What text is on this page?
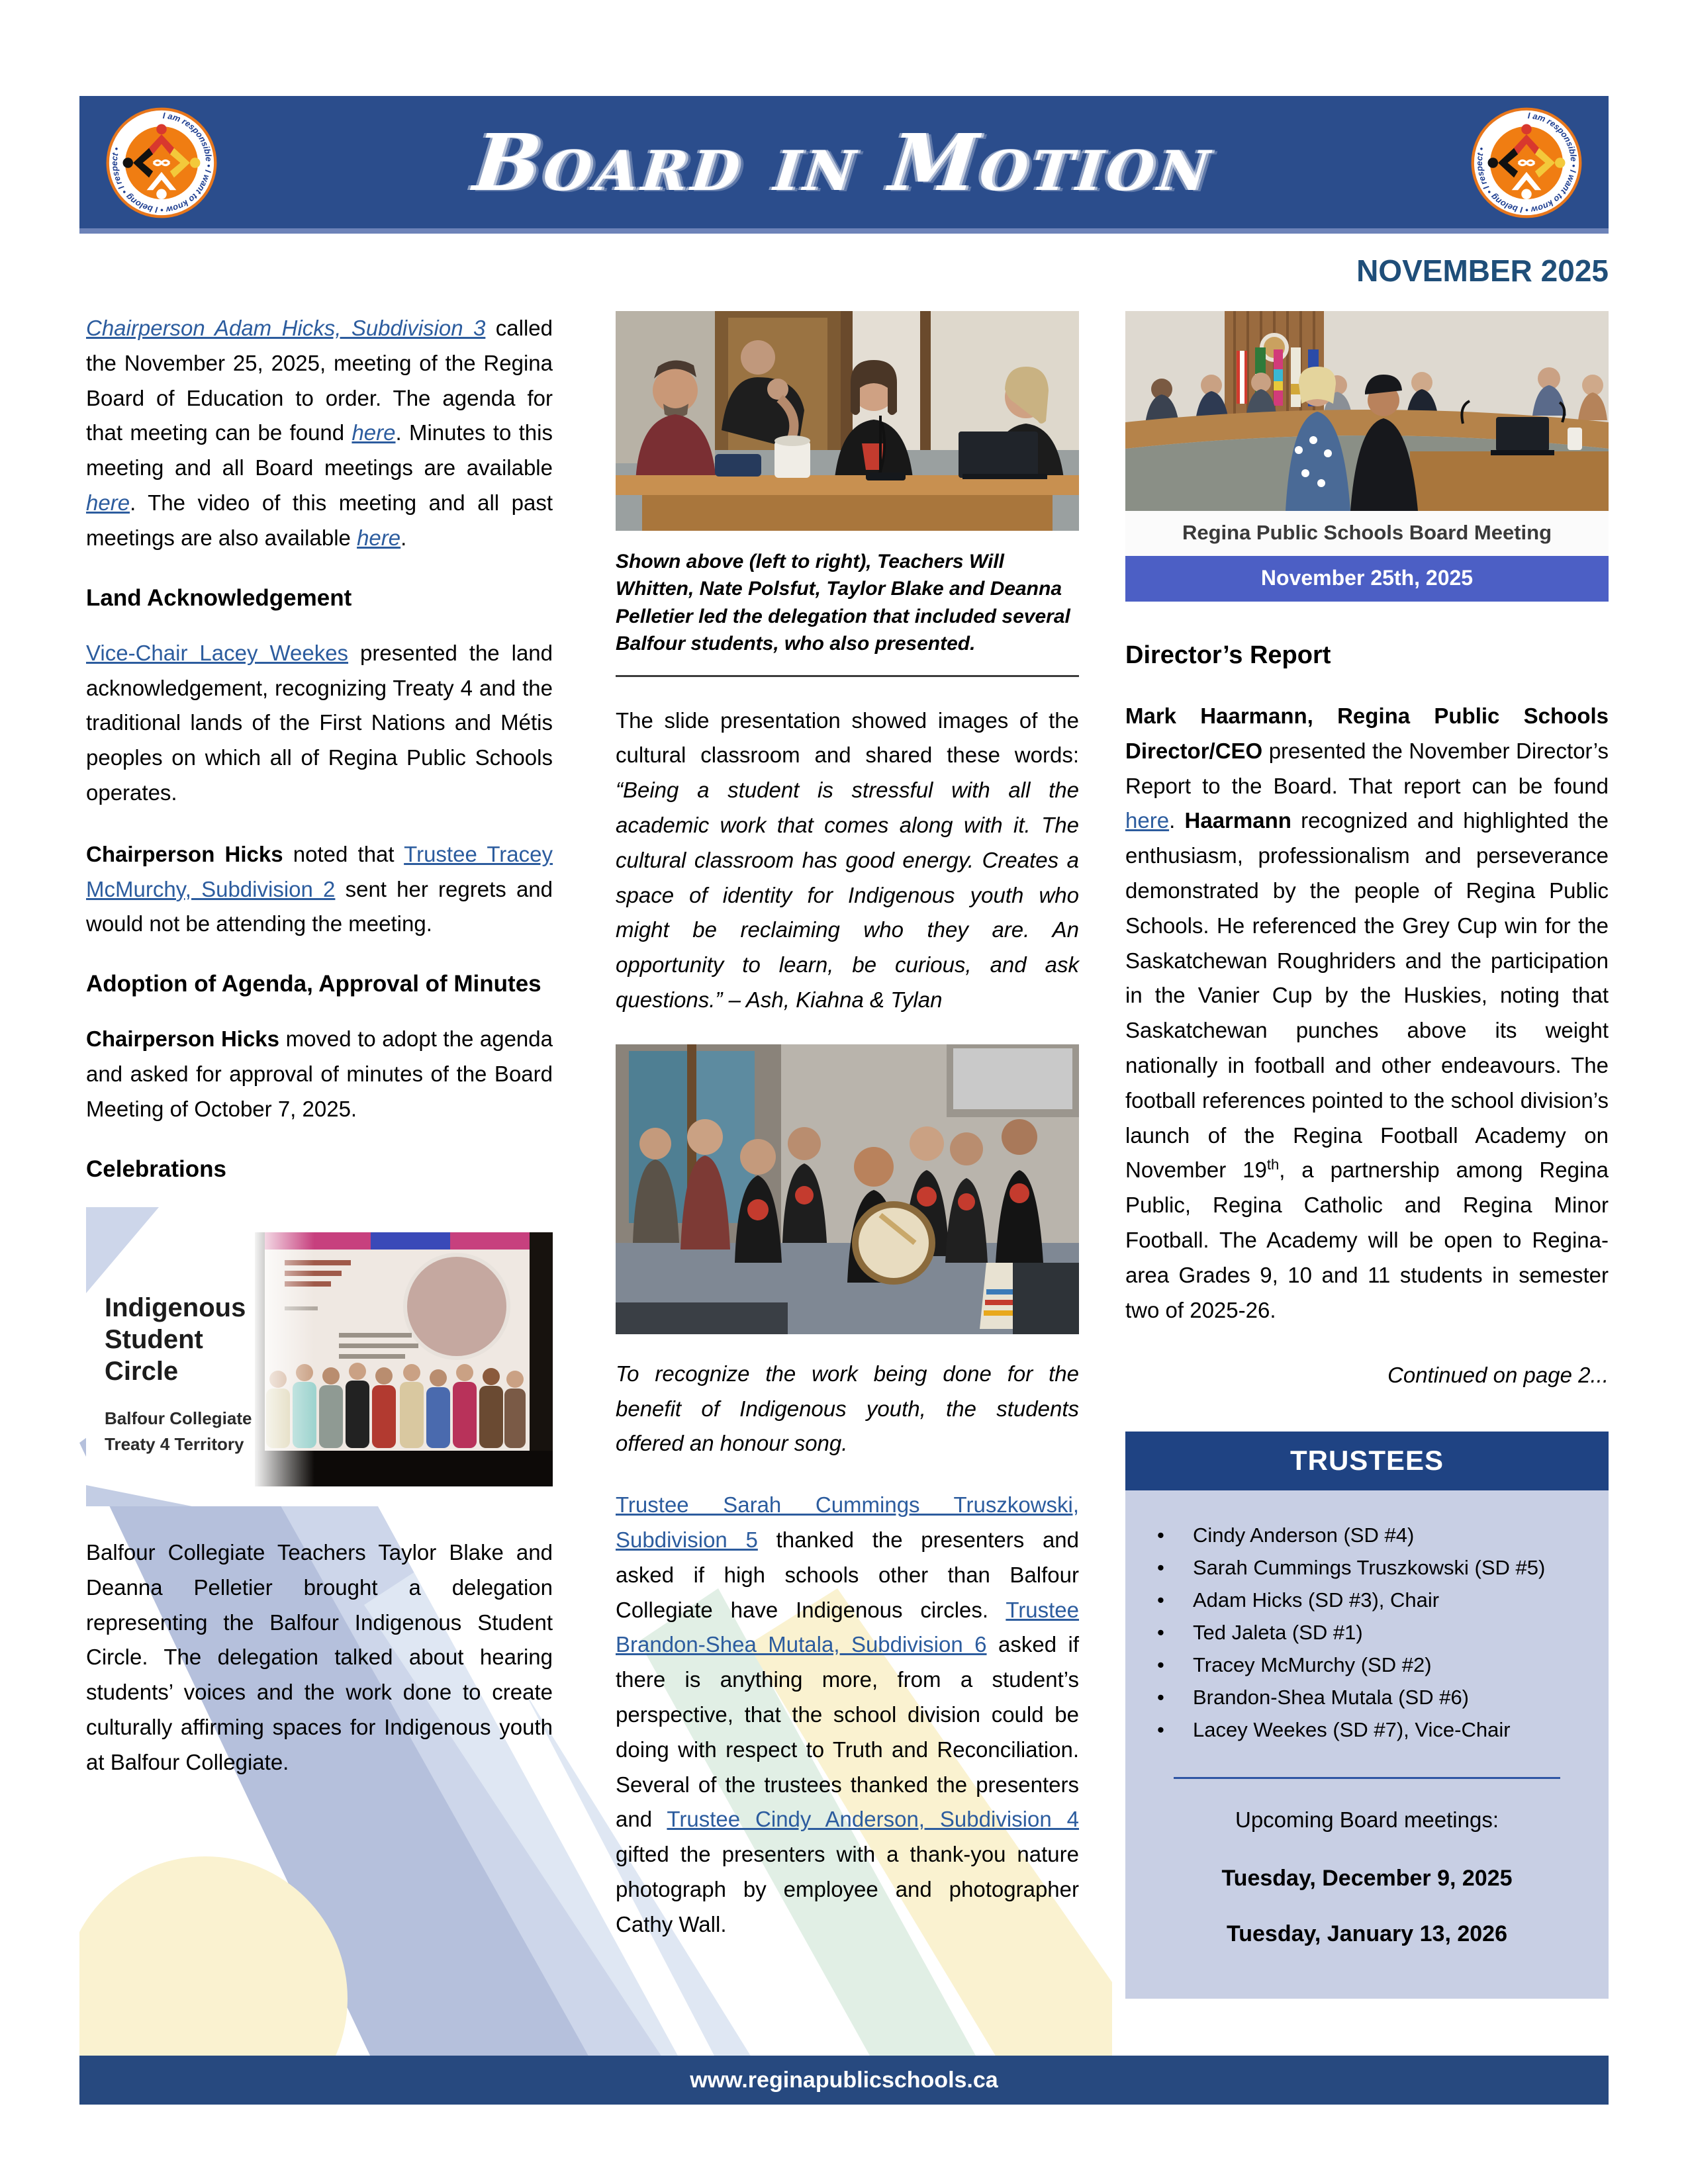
Board in Motion
NOVEMBER 2025

Chairperson Adam Hicks, Subdivision 3 called the November 25, 2025, meeting of the Regina Board of Education to order. The agenda for that meeting can be found here. Minutes to this meeting and all Board meetings are available here. The video of this meeting and all past meetings are also available here.

Land Acknowledgement

Vice-Chair Lacey Weekes presented the land acknowledgement, recognizing Treaty 4 and the traditional lands of the First Nations and Métis peoples on which all of Regina Public Schools operates.

Chairperson Hicks noted that Trustee Tracey McMurchy, Subdivision 2 sent her regrets and would not be attending the meeting.

Adoption of Agenda, Approval of Minutes

Chairperson Hicks moved to adopt the agenda and asked for approval of minutes of the Board Meeting of October 7, 2025.

Celebrations
Indigenous Student Circle
Balfour Collegiate
Treaty 4 Territory

Balfour Collegiate Teachers Taylor Blake and Deanna Pelletier brought a delegation representing the Balfour Indigenous Student Circle. The delegation talked about hearing students’ voices and the work done to create culturally affirming spaces for Indigenous youth at Balfour Collegiate.

Shown above (left to right), Teachers Will Whitten, Nate Polsfut, Taylor Blake and Deanna Pelletier led the delegation that included several Balfour students, who also presented.

The slide presentation showed images of the cultural classroom and shared these words: “Being a student is stressful with all the academic work that comes along with it. The cultural classroom has good energy. Creates a space of identity for Indigenous youth who might be reclaiming who they are. An opportunity to learn, be curious, and ask questions.” – Ash, Kiahna & Tylan

To recognize the work being done for the benefit of Indigenous youth, the students offered an honour song.

Trustee Sarah Cummings Truszkowski, Subdivision 5 thanked the presenters and asked if high schools other than Balfour Collegiate have Indigenous circles. Trustee Brandon-Shea Mutala, Subdivision 6 asked if there is anything more, from a student’s perspective, that the school division could be doing with respect to Truth and Reconciliation. Several of the trustees thanked the presenters and Trustee Cindy Anderson, Subdivision 4 gifted the presenters with a thank-you nature photograph by employee and photographer Cathy Wall.

Regina Public Schools Board Meeting
November 25th, 2025
Director’s Report

Mark Haarmann, Regina Public Schools Director/CEO presented the November Director’s Report to the Board. That report can be found here. Haarmann recognized and highlighted the enthusiasm, professionalism and perseverance demonstrated by the people of Regina Public Schools. He referenced the Grey Cup win for the Saskatchewan Roughriders and the participation in the Vanier Cup by the Huskies, noting that Saskatchewan punches above its weight nationally in football and other endeavours. The football references pointed to the school division’s launch of the Regina Football Academy on November 19th, a partnership among Regina Public, Regina Catholic and Regina Minor Football. The Academy will be open to Regina-area Grades 9, 10 and 11 students in semester two of 2025-26.

Continued on page 2...
TRUSTEES
• Cindy Anderson (SD #4)
• Sarah Cummings Truszkowski (SD #5)
• Adam Hicks (SD #3), Chair
• Ted Jaleta (SD #1)
• Tracey McMurchy (SD #2)
• Brandon-Shea Mutala (SD #6)
• Lacey Weekes (SD #7), Vice-Chair
Upcoming Board meetings:
Tuesday, December 9, 2025
Tuesday, January 13, 2026
www.reginapublicschools.ca
